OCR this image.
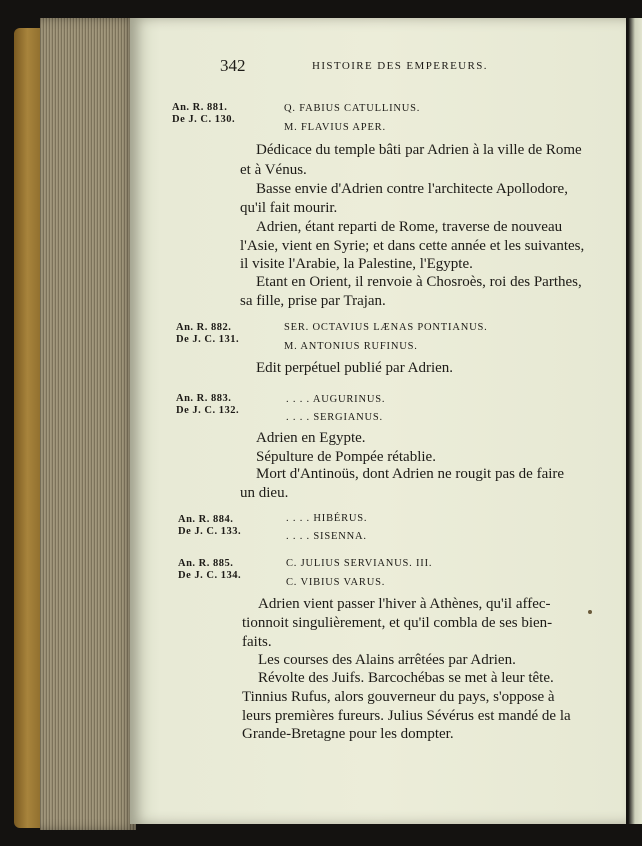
342	HISTOIRE DES EMPEREURS.
An. R. 881.
De J. C. 130.
Q. FABIUS CATULLINUS.
M. FLAVIUS APER.
Dédicace du temple bâti par Adrien à la ville de Rome
et à Vénus.
Basse envie d'Adrien contre l'architecte Apollodore,
qu'il fait mourir.
Adrien, étant reparti de Rome, traverse de nouveau
l'Asie, vient en Syrie; et dans cette année et les suivantes,
il visite l'Arabie, la Palestine, l'Egypte.
Etant en Orient, il renvoie à Chosroès, roi des Parthes,
sa fille, prise par Trajan.
An. R. 882.
De J. C. 131.
SER. OCTAVIUS LÆNAS PONTIANUS.
M. ANTONIUS RUFINUS.
Edit perpétuel publié par Adrien.
An. R. 883.
De J. C. 132.
. . . . AUGURINUS.
. . . . SERGIANUS.
Adrien en Egypte.
Sépulture de Pompée rétablie.
Mort d'Antinoüs, dont Adrien ne rougit pas de faire
un dieu.
An. R. 884.
De J. C. 133.
. . . . HIBÉRUS.
. . . . SISENNA.
An. R. 885.
De J. C. 134.
C. JULIUS SERVIANUS. III.
C. VIBIUS VARUS.
Adrien vient passer l'hiver à Athènes, qu'il affec-
tionnoit singulièrement, et qu'il combla de ses bien-
faits.
Les courses des Alains arrêtées par Adrien.
Révolte des Juifs. Barcochébas se met à leur tête.
Tinnius Rufus, alors gouverneur du pays, s'oppose à
leurs premières fureurs. Julius Sévérus est mandé de la
Grande-Bretagne pour les dompter.
